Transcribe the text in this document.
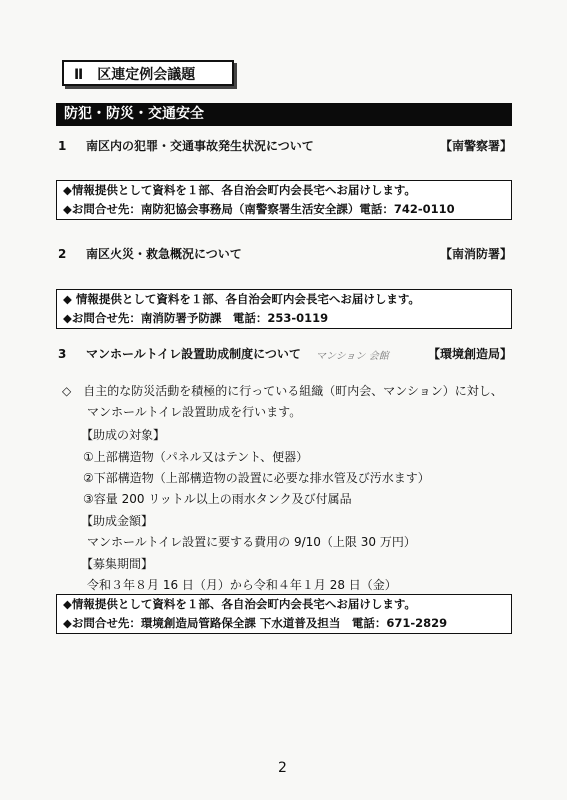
Ⅱ　区連定例会議題
防犯・防災・交通安全
1 南区内の犯罪・交通事故発生状況について	【南警察署】
◆情報提供として資料を１部、各自治会町内会長宅へお届けします。
◆お問合せ先：南防犯協会事務局（南警察署生活安全課）電話：742-0110
2 南区火災・救急概況について	【南消防署】
◆ 情報提供として資料を１部、各自治会町内会長宅へお届けします。
◆お問合せ先：南消防署予防課　電話：253-0119
3 マンホールトイレ設置助成制度について	【環境創造局】
マンション 会館
◇　自主的な防災活動を積極的に行っている組織（町内会、マンション）に対し、
マンホールトイレ設置助成を行います。
【助成の対象】
①上部構造物（パネル又はテント、便器）
②下部構造物（上部構造物の設置に必要な排水管及び汚水ます）
③容量 200 リットル以上の雨水タンク及び付属品
【助成金額】
マンホールトイレ設置に要する費用の 9/10（上限 30 万円）
【募集期間】
令和３年８月 16 日（月）から令和４年１月 28 日（金）
◆情報提供として資料を１部、各自治会町内会長宅へお届けします。
◆お問合せ先：環境創造局管路保全課 下水道普及担当　電話：671-2829
2
